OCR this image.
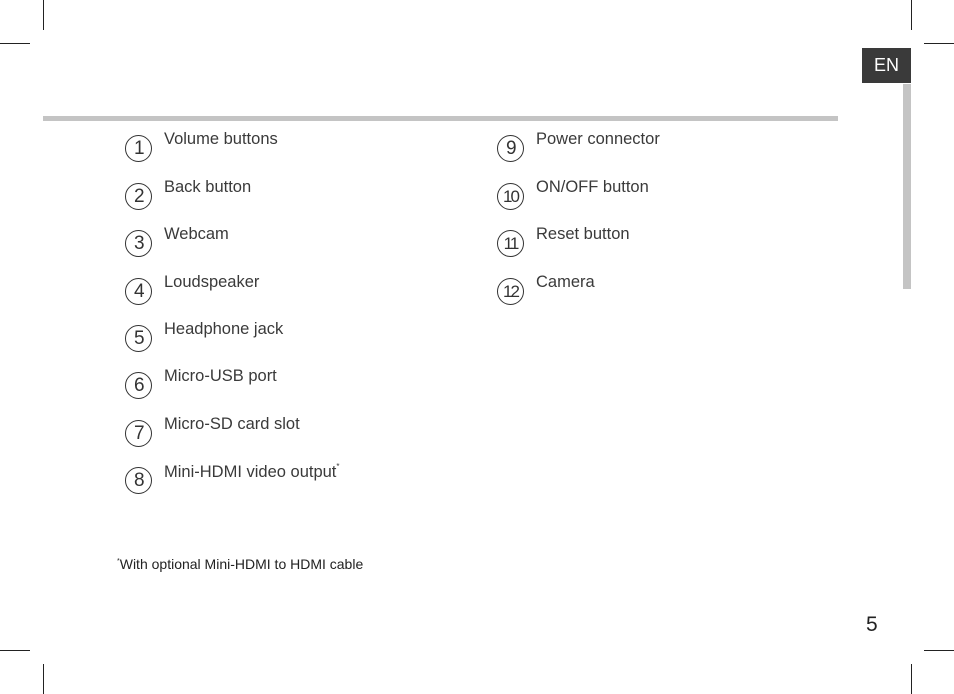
EN
1	Volume buttons
2	Back button
3	Webcam
4	Loudspeaker
5	Headphone jack
6	Micro-USB port
7	Micro-SD card slot
8	Mini-HDMI video output*
9	Power connector
10	ON/OFF button
11	Reset button
12	Camera
*With optional Mini-HDMI to HDMI cable
5
